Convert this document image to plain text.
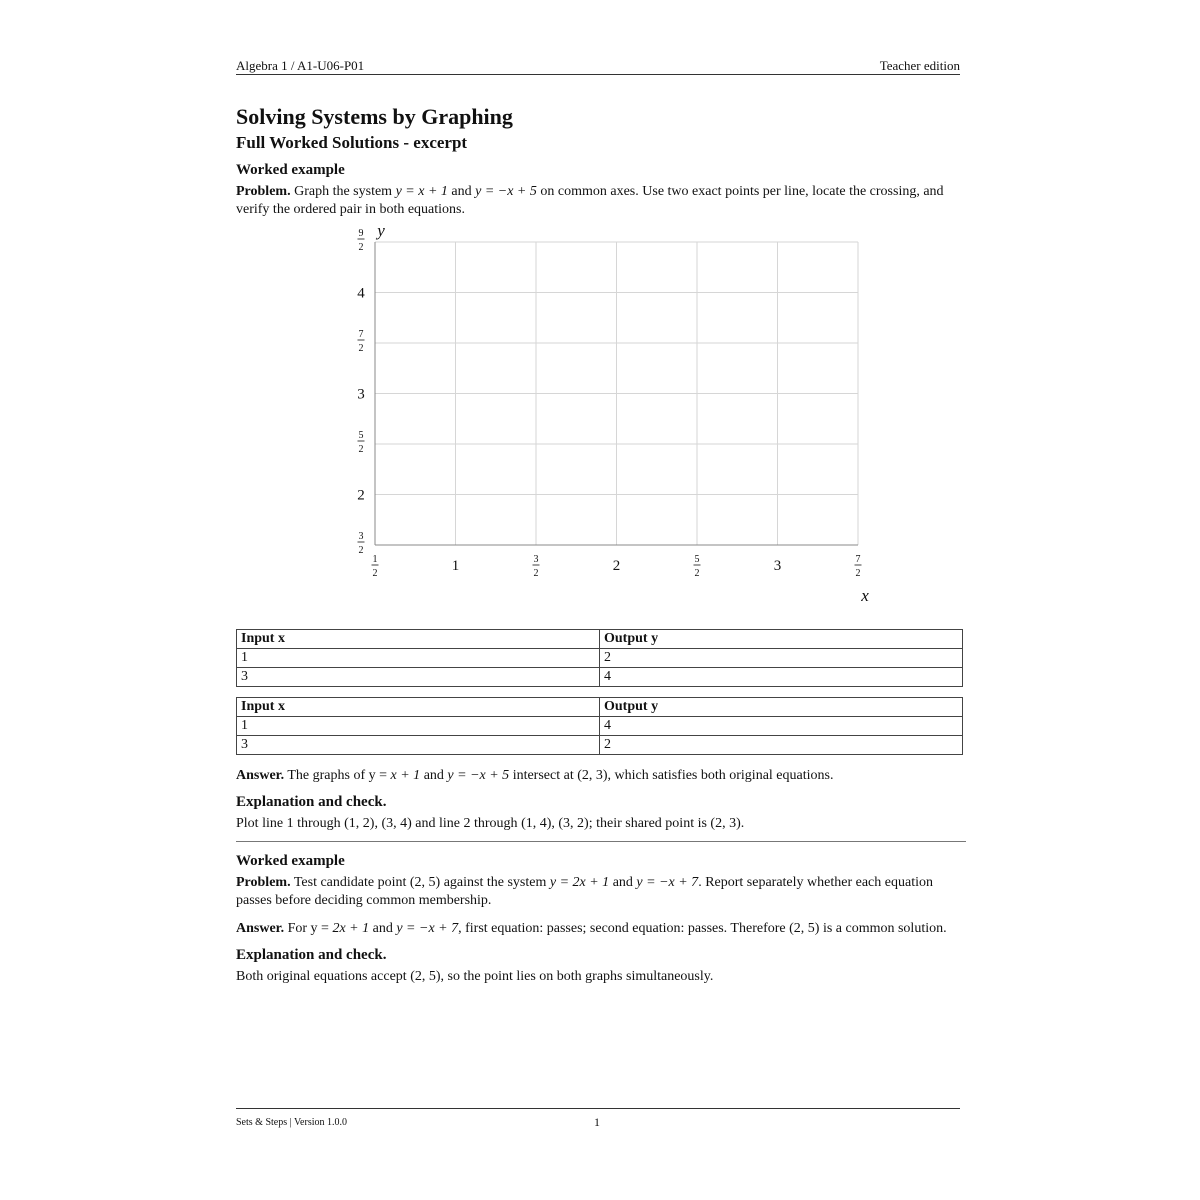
Algebra 1 / A1-U06-P01	Teacher edition
Solving Systems by Graphing
Full Worked Solutions - excerpt

Worked example

Problem. Graph the system y = x + 1 and y = −x + 5 on common axes. Use two exact points per line, locate the crossing, and verify the ordered pair in both equations.

1
2	1	3
2	2	5
2	3	7
2
3
2
2
5
2
3
7
2
4
9
2
y
x
Input x	Output y
1	2
3	4
Input x	Output y
1	4
3	2

Answer. The graphs of y = x + 1 and y = −x + 5 intersect at (2, 3), which satisfies both original equations.

Explanation and check.

Plot line 1 through (1, 2), (3, 4) and line 2 through (1, 4), (3, 2); their shared point is (2, 3).

Worked example

Problem. Test candidate point (2, 5) against the system y = 2x + 1 and y = −x + 7. Report separately whether each equation passes before deciding common membership.

Answer. For y = 2x + 1 and y = −x + 7, first equation: passes; second equation: passes. Therefore (2, 5) is a common solution.

Explanation and check.

Both original equations accept (2, 5), so the point lies on both graphs simultaneously.

Sets & Steps | Version 1.0.0	1
